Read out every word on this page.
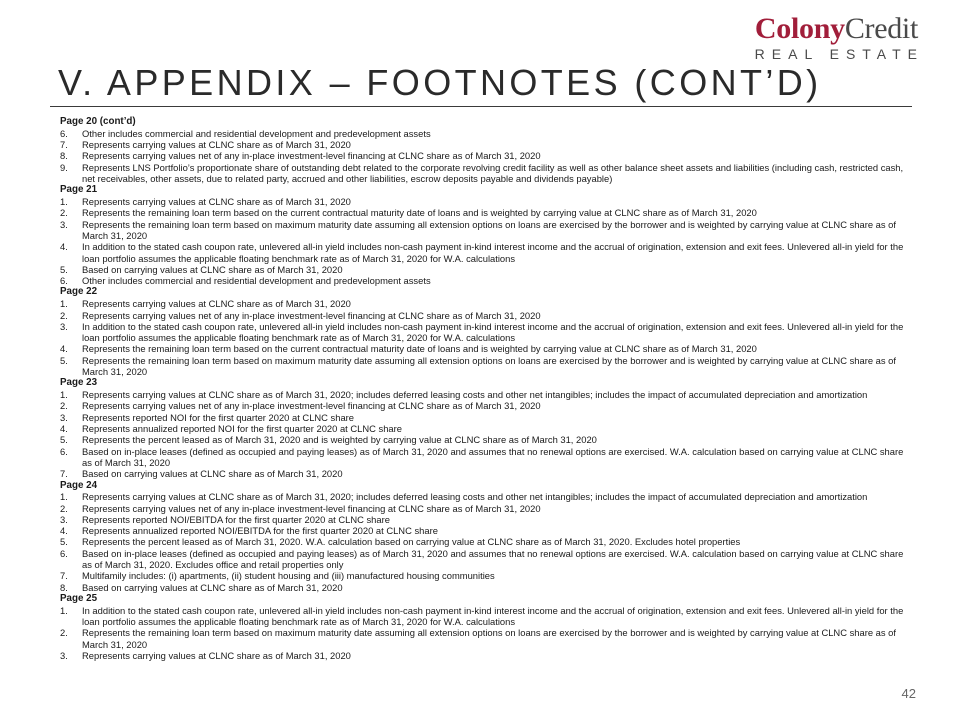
ColonyCredit
REAL ESTATE
V. APPENDIX – FOOTNOTES (CONT’D)
Page 20 (cont’d)
6.	Other includes commercial and residential development and predevelopment assets
7.	Represents carrying values at CLNC share as of March 31, 2020
8.	Represents carrying values net of any in-place investment-level financing at CLNC share as of March 31, 2020
9.	Represents LNS Portfolio’s proportionate share of outstanding debt related to the corporate revolving credit facility as well as other balance sheet assets and liabilities (including cash, restricted cash, net receivables, other assets, due to related party, accrued and other liabilities, escrow deposits payable and dividends payable)
Page 21
1.	Represents carrying values at CLNC share as of March 31, 2020
2.	Represents the remaining loan term based on the current contractual maturity date of loans and is weighted by carrying value at CLNC share as of March 31, 2020
3.	Represents the remaining loan term based on maximum maturity date assuming all extension options on loans are exercised by the borrower and is weighted by carrying value at CLNC share as of March 31, 2020
4.	In addition to the stated cash coupon rate, unlevered all-in yield includes non-cash payment in-kind interest income and the accrual of origination, extension and exit fees. Unlevered all-in yield for the loan portfolio assumes the applicable floating benchmark rate as of March 31, 2020 for W.A. calculations
5.	Based on carrying values at CLNC share as of March 31, 2020
6.	Other includes commercial and residential development and predevelopment assets
Page 22
1.	Represents carrying values at CLNC share as of March 31, 2020
2.	Represents carrying values net of any in-place investment-level financing at CLNC share as of March 31, 2020
3.	In addition to the stated cash coupon rate, unlevered all-in yield includes non-cash payment in-kind interest income and the accrual of origination, extension and exit fees. Unlevered all-in yield for the loan portfolio assumes the applicable floating benchmark rate as of March 31, 2020 for W.A. calculations
4.	Represents the remaining loan term based on the current contractual maturity date of loans and is weighted by carrying value at CLNC share as of March 31, 2020
5.	Represents the remaining loan term based on maximum maturity date assuming all extension options on loans are exercised by the borrower and is weighted by carrying value at CLNC share as of March 31, 2020
Page 23
1.	Represents carrying values at CLNC share as of March 31, 2020; includes deferred leasing costs and other net intangibles; includes the impact of accumulated depreciation and amortization
2.	Represents carrying values net of any in-place investment-level financing at CLNC share as of March 31, 2020
3.	Represents reported NOI for the first quarter 2020 at CLNC share
4.	Represents annualized reported NOI for the first quarter 2020 at CLNC share
5.	Represents the percent leased as of March 31, 2020 and is weighted by carrying value at CLNC share as of March 31, 2020
6.	Based on in-place leases (defined as occupied and paying leases) as of March 31, 2020 and assumes that no renewal options are exercised. W.A. calculation based on carrying value at CLNC share as of March 31, 2020
7.	Based on carrying values at CLNC share as of March 31, 2020
Page 24
1.	Represents carrying values at CLNC share as of March 31, 2020; includes deferred leasing costs and other net intangibles; includes the impact of accumulated depreciation and amortization
2.	Represents carrying values net of any in-place investment-level financing at CLNC share as of March 31, 2020
3.	Represents reported NOI/EBITDA for the first quarter 2020 at CLNC share
4.	Represents annualized reported NOI/EBITDA for the first quarter 2020 at CLNC share
5.	Represents the percent leased as of March 31, 2020. W.A. calculation based on carrying value at CLNC share as of March 31, 2020. Excludes hotel properties
6.	Based on in-place leases (defined as occupied and paying leases) as of March 31, 2020 and assumes that no renewal options are exercised. W.A. calculation based on carrying value at CLNC share as of March 31, 2020. Excludes office and retail properties only
7.	Multifamily includes: (i) apartments, (ii) student housing and (iii) manufactured housing communities
8.	Based on carrying values at CLNC share as of March 31, 2020
Page 25
1.	In addition to the stated cash coupon rate, unlevered all-in yield includes non-cash payment in-kind interest income and the accrual of origination, extension and exit fees. Unlevered all-in yield for the loan portfolio assumes the applicable floating benchmark rate as of March 31, 2020 for W.A. calculations
2.	Represents the remaining loan term based on maximum maturity date assuming all extension options on loans are exercised by the borrower and is weighted by carrying value at CLNC share as of March 31, 2020
3.	Represents carrying values at CLNC share as of March 31, 2020
42
